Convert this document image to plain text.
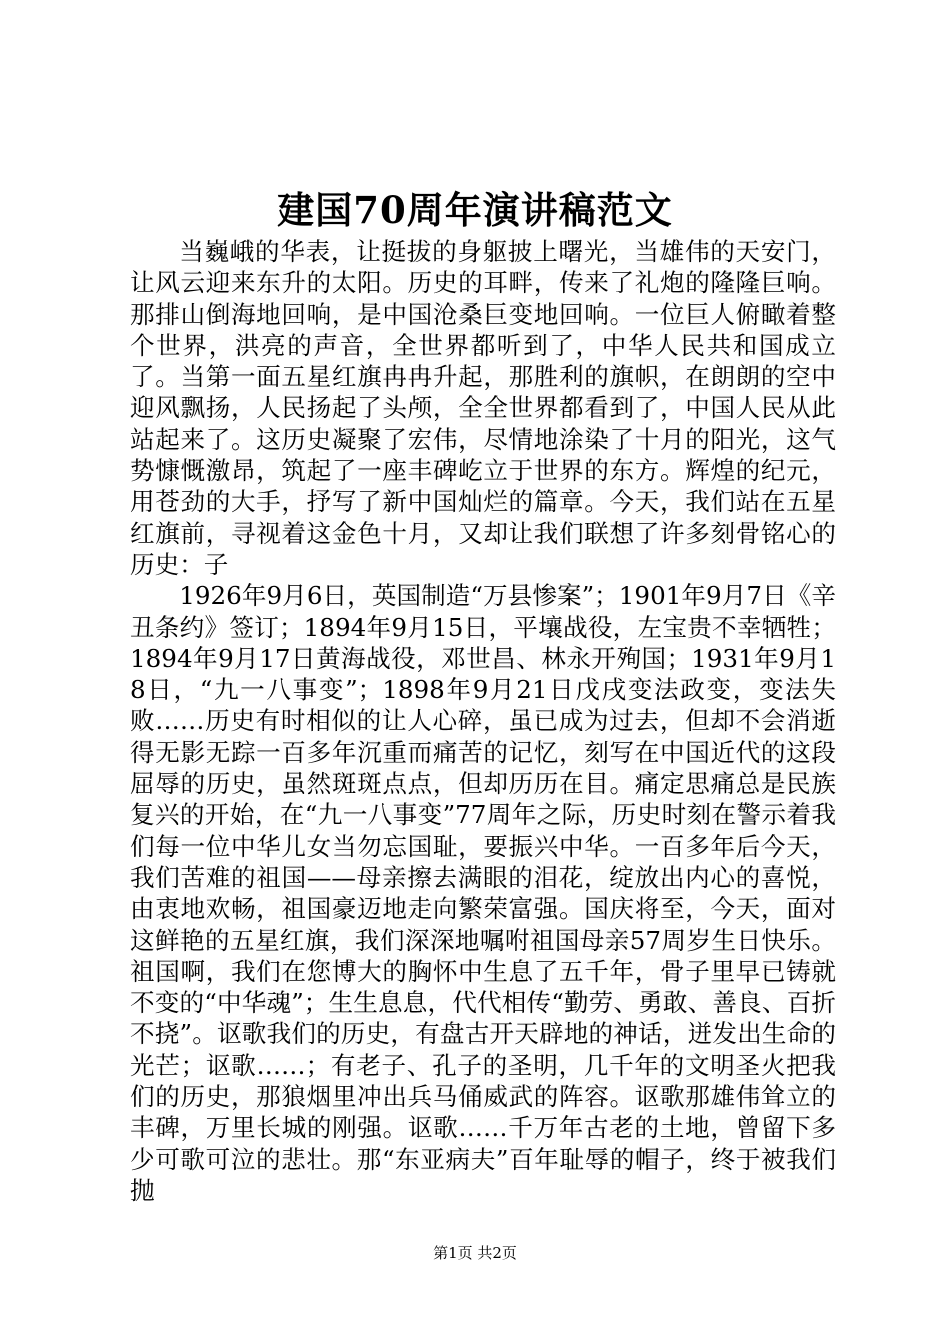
建国70周年演讲稿范文

当巍峨的华表，让挺拔的身躯披上曙光，当雄伟的天安门，让风云迎来东升的太阳。历史的耳畔，传来了礼炮的隆隆巨响。那排山倒海地回响，是中国沧桑巨变地回响。一位巨人俯瞰着整个世界，洪亮的声音，全世界都听到了，中华人民共和国成立了。当第一面五星红旗冉冉升起，那胜利的旗帜，在朗朗的空中迎风飘扬，人民扬起了头颅，全全世界都看到了，中国人民从此站起来了。这历史凝聚了宏伟，尽情地涂染了十月的阳光，这气势慷慨激昂，筑起了一座丰碑屹立于世界的东方。辉煌的纪元，用苍劲的大手，抒写了新中国灿烂的篇章。今天，我们站在五星红旗前，寻视着这金色十月，又却让我们联想了许多刻骨铭心的历史：子

1926年9月6日，英国制造“万县惨案”；1901年9月7日《辛丑条约》签订；1894年9月15日，平壤战役，左宝贵不幸牺牲；1894年9月17日黄海战役，邓世昌、林永开殉国；1931年9月18日，“九一八事变”；1898年9月21日戊戌变法政变，变法失败……历史有时相似的让人心碎，虽已成为过去，但却不会消逝得无影无踪一百多年沉重而痛苦的记忆，刻写在中国近代的这段屈辱的历史，虽然斑斑点点，但却历历在目。痛定思痛总是民族复兴的开始，在“九一八事变”77周年之际，历史时刻在警示着我们每一位中华儿女当勿忘国耻，要振兴中华。一百多年后今天，我们苦难的祖国——母亲擦去满眼的泪花，绽放出内心的喜悦，由衷地欢畅，祖国豪迈地走向繁荣富强。国庆将至，今天，面对这鲜艳的五星红旗，我们深深地嘱咐祖国母亲57周岁生日快乐。祖国啊，我们在您博大的胸怀中生息了五千年，骨子里早已铸就不变的“中华魂”；生生息息，代代相传“勤劳、勇敢、善良、百折不挠”。讴歌我们的历史，有盘古开天辟地的神话，迸发出生命的光芒；讴歌……；有老子、孔子的圣明，几千年的文明圣火把我们的历史，那狼烟里冲出兵马俑威武的阵容。讴歌那雄伟耸立的丰碑，万里长城的刚强。讴歌……千万年古老的土地，曾留下多少可歌可泣的悲壮。那“东亚病夫”百年耻辱的帽子，终于被我们抛

第1页 共2页
